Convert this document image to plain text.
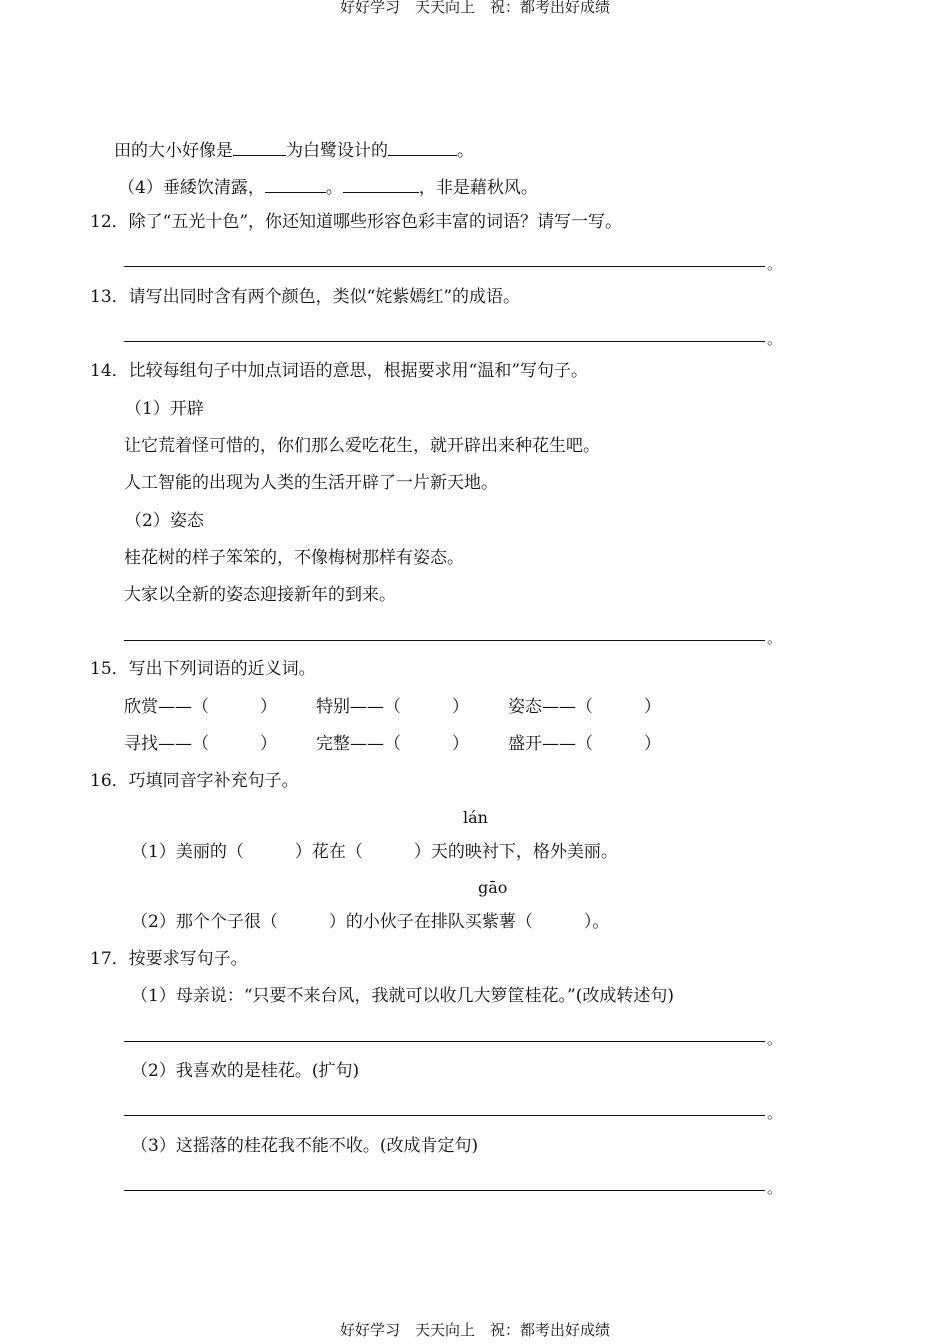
好好学习　天天向上　祝：都考出好成绩
田的大小好像是	为白鹭设计的	。
（4）垂緌饮清露，	。	，非是藉秋风。
12．除了“五光十色”，你还知道哪些形容色彩丰富的词语？请写一写。
。
13．请写出同时含有两个颜色，类似“姹紫嫣红”的成语。
。
14．比较每组句子中加点词语的意思，根据要求用“温和”写句子。
（1）开辟
让它荒着怪可惜的，你们那么爱吃花生，就开辟出来种花生吧。
人工智能的出现为人类的生活开辟了一片新天地。
（2）姿态
桂花树的样子笨笨的，不像梅树那样有姿态。
大家以全新的姿态迎接新年的到来。
。
15．写出下列词语的近义词。
欣赏——（　　　） 特别——（　　　） 姿态——（　　　）
寻找——（　　　） 完整——（　　　） 盛开——（　　　）
16．巧填同音字补充句子。
lán
（1）美丽的（　　　）花在（　　　）天的映衬下，格外美丽。
gāo
（2）那个个子很（　　　）的小伙子在排队买紫薯（　　　）。
17．按要求写句子。
（1）母亲说：“只要不来台风，我就可以收几大箩筐桂花。”(改成转述句)
。
（2）我喜欢的是桂花。(扩句)
。
（3）这摇落的桂花我不能不收。(改成肯定句)
。
好好学习　天天向上　祝：都考出好成绩
